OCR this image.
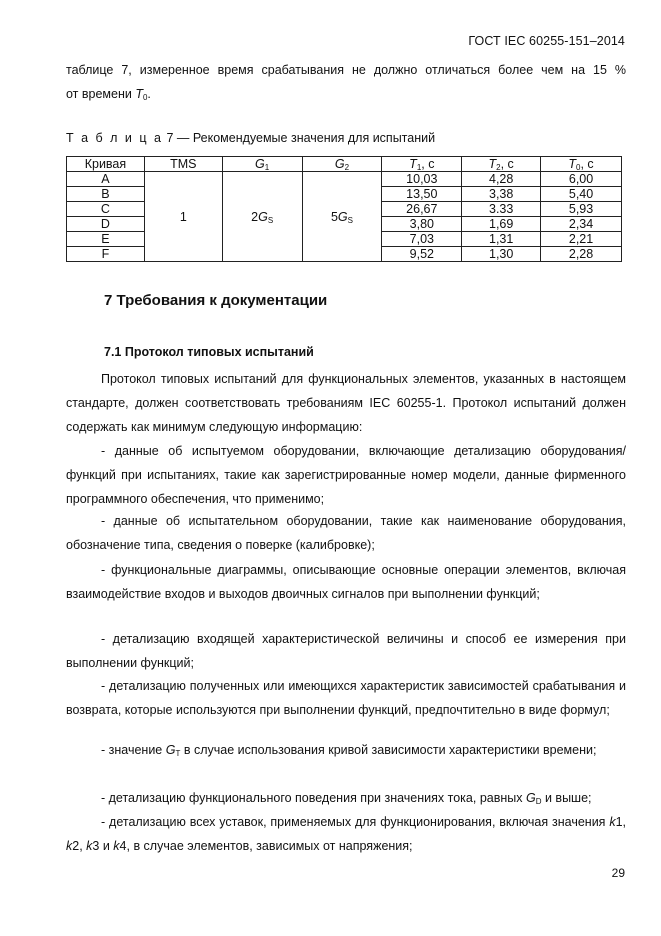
ГОСТ IEC 60255-151–2014
таблице 7, измеренное время срабатывания не должно отличаться более чем на 15 %
от времени $T_0$.
Т а б л и ц а 7 — Рекомендуемые значения для испытаний
Кривая	TMS	$G_1$	$G_2$	$T_1$, с	$T_2$, с	$T_0$, с
A	1	$2G_S$	$5G_S$	10,03	4,28	6,00
B				13,50	3,38	5,40
C				26,67	3.33	5,93
D				3,80	1,69	2,34
E				7,03	1,31	2,21
F				9,52	1,30	2,28
7 Требования к документации
7.1 Протокол типовых испытаний
Протокол типовых испытаний для функциональных элементов, указанных в настоящем стандарте, должен соответствовать требованиям IEC 60255-1. Протокол испытаний должен содержать как минимум следующую информацию:
- данные об испытуемом оборудовании, включающие детализацию оборудования/функций при испытаниях, такие как зарегистрированные номер модели, данные фирменного программного обеспечения, что применимо;
- данные об испытательном оборудовании, такие как наименование оборудования, обозначение типа, сведения о поверке (калибровке);
- функциональные диаграммы, описывающие основные операции элементов, включая взаимодействие входов и выходов двоичных сигналов при выполнении функций;
- детализацию входящей характеристической величины и способ ее измерения при выполнении функций;
- детализацию полученных или имеющихся характеристик зависимостей срабатывания и возврата, которые используются при выполнении функций, предпочтительно в виде формул;
- значение $G_T$ в случае использования кривой зависимости характеристики времени;
- детализацию функционального поведения при значениях тока, равных $G_D$ и выше;
- детализацию всех уставок, применяемых для функционирования, включая значения k1, k2, k3 и k4, в случае элементов, зависимых от напряжения;
29
